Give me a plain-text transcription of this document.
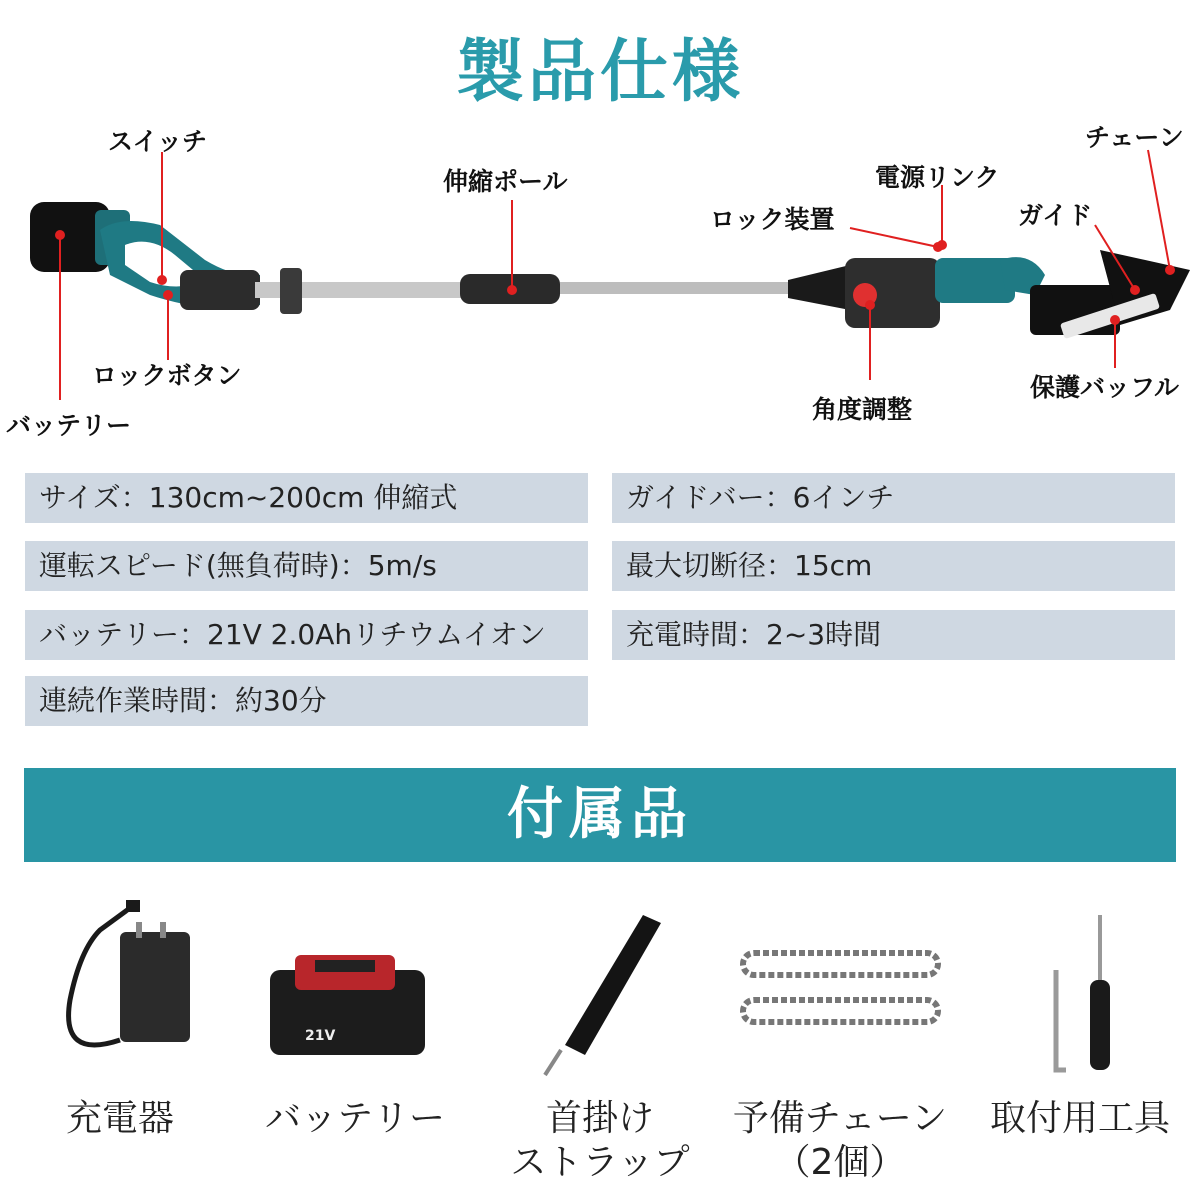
製品仕様
スイッチ
ロックボタン
バッテリー
伸縮ポール
ロック装置
電源リンク
チェーン
ガイド
角度調整
保護バッフル
サイズ：130cm~200cm 伸縮式
運転スピード(無負荷時)：5m/s
バッテリー：21V 2.0Ahリチウムイオン
連続作業時間：約30分
ガイドバー：6インチ
最大切断径：15cm
充電時間：2~3時間
付属品
21V
充電器	バッテリー	首掛け
ストラップ
予備チェーン
（2個）
取付用工具
